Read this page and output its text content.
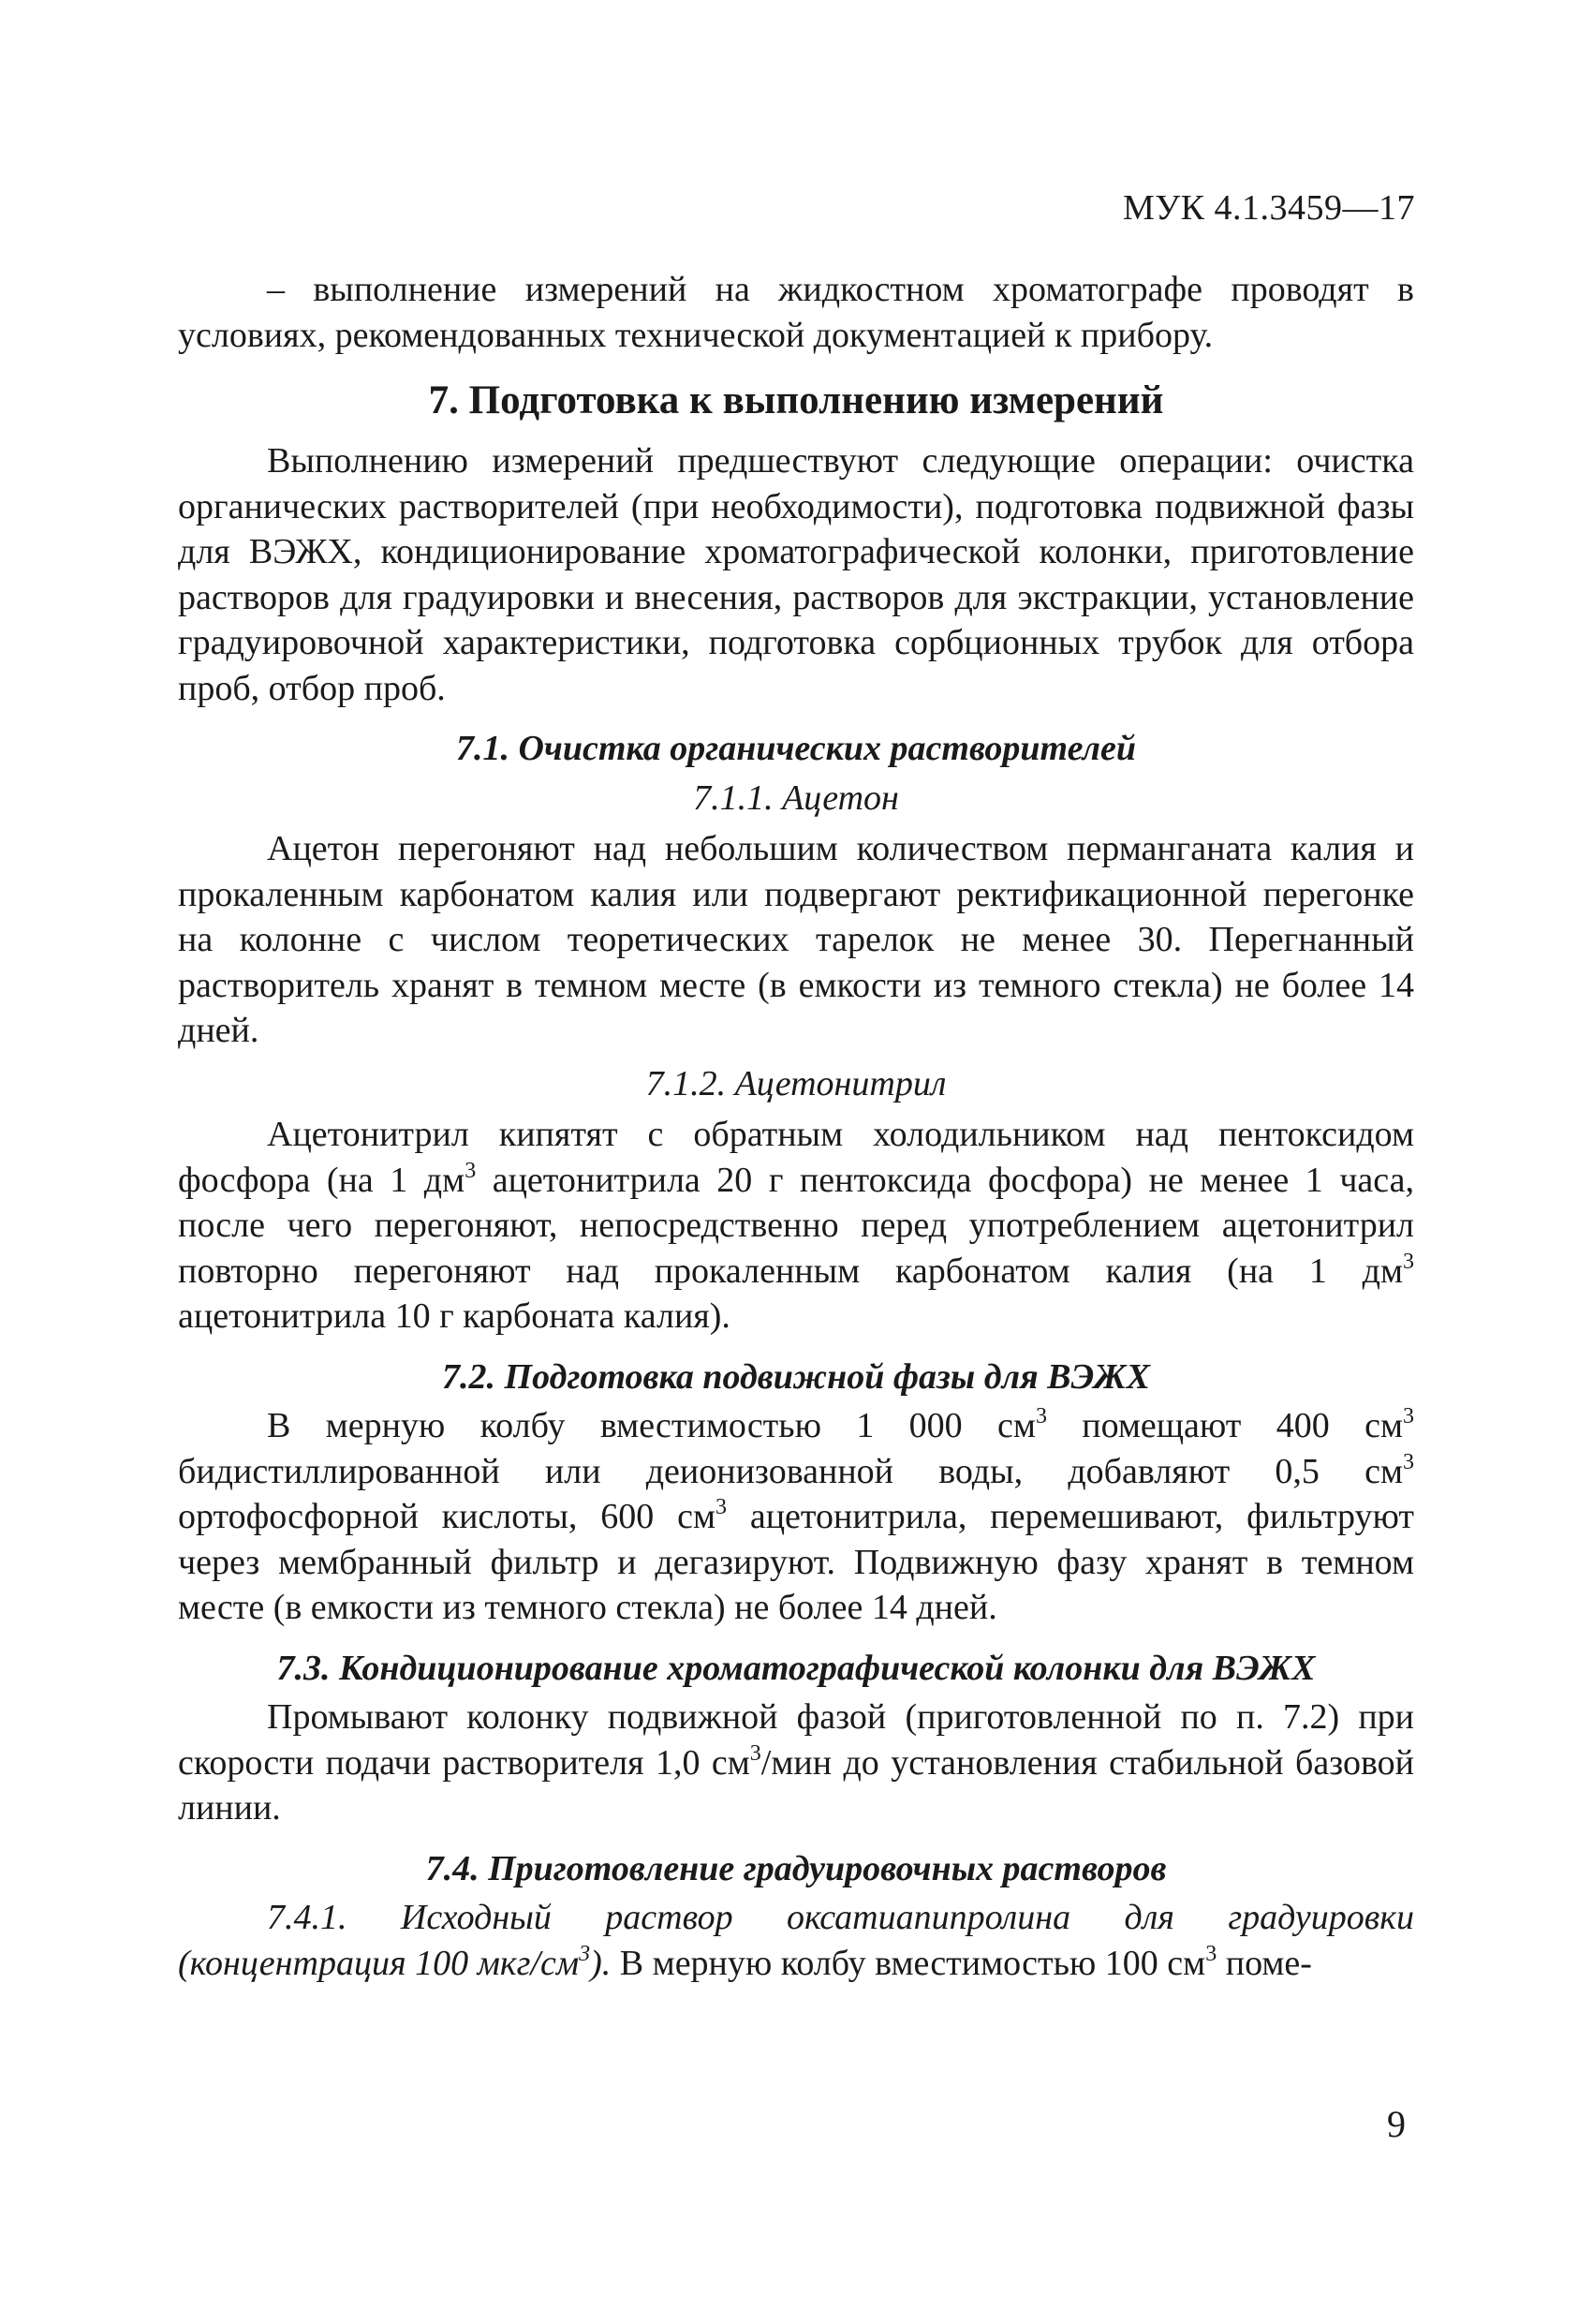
МУК 4.1.3459—17

– выполнение измерений на жидкостном хроматографе проводят в условиях, рекомендованных технической документацией к прибору.

7. Подготовка к выполнению измерений

Выполнению измерений предшествуют следующие операции: очистка органических растворителей (при необходимости), подготовка подвижной фазы для ВЭЖХ, кондиционирование хроматографической колонки, приготовление растворов для градуировки и внесения, растворов для экстракции, установление градуировочной характеристики, подготовка сорбционных трубок для отбора проб, отбор проб.

7.1. Очистка органических растворителей
7.1.1. Ацетон

Ацетон перегоняют над небольшим количеством перманганата калия и прокаленным карбонатом калия или подвергают ректификационной перегонке на колонне с числом теоретических тарелок не менее 30. Перегнанный растворитель хранят в темном месте (в емкости из темного стекла) не более 14 дней.

7.1.2. Ацетонитрил

Ацетонитрил кипятят с обратным холодильником над пентоксидом фосфора (на 1 $дм^3$ ацетонитрила 20 г пентоксида фосфора) не менее 1 часа, после чего перегоняют, непосредственно перед употреблением ацетонитрил повторно перегоняют над прокаленным карбонатом калия (на 1 $дм^3$ ацетонитрила 10 г карбоната калия).

7.2. Подготовка подвижной фазы для ВЭЖХ

В мерную колбу вместимостью 1 000 $см^3$ помещают 400 $см^3$ бидистиллированной или деионизованной воды, добавляют 0,5 $см^3$ ортофосфорной кислоты, 600 $см^3$ ацетонитрила, перемешивают, фильтруют через мембранный фильтр и дегазируют. Подвижную фазу хранят в темном месте (в емкости из темного стекла) не более 14 дней.

7.3. Кондиционирование хроматографической колонки для ВЭЖХ

Промывают колонку подвижной фазой (приготовленной по п. 7.2) при скорости подачи растворителя 1,0 $см^3$/мин до установления стабильной базовой линии.

7.4. Приготовление градуировочных растворов

7.4.1. Исходный раствор оксатиапипролина для градуировки (концентрация 100 мкг/$см^3$). В мерную колбу вместимостью 100 $см^3$ поме-

9
